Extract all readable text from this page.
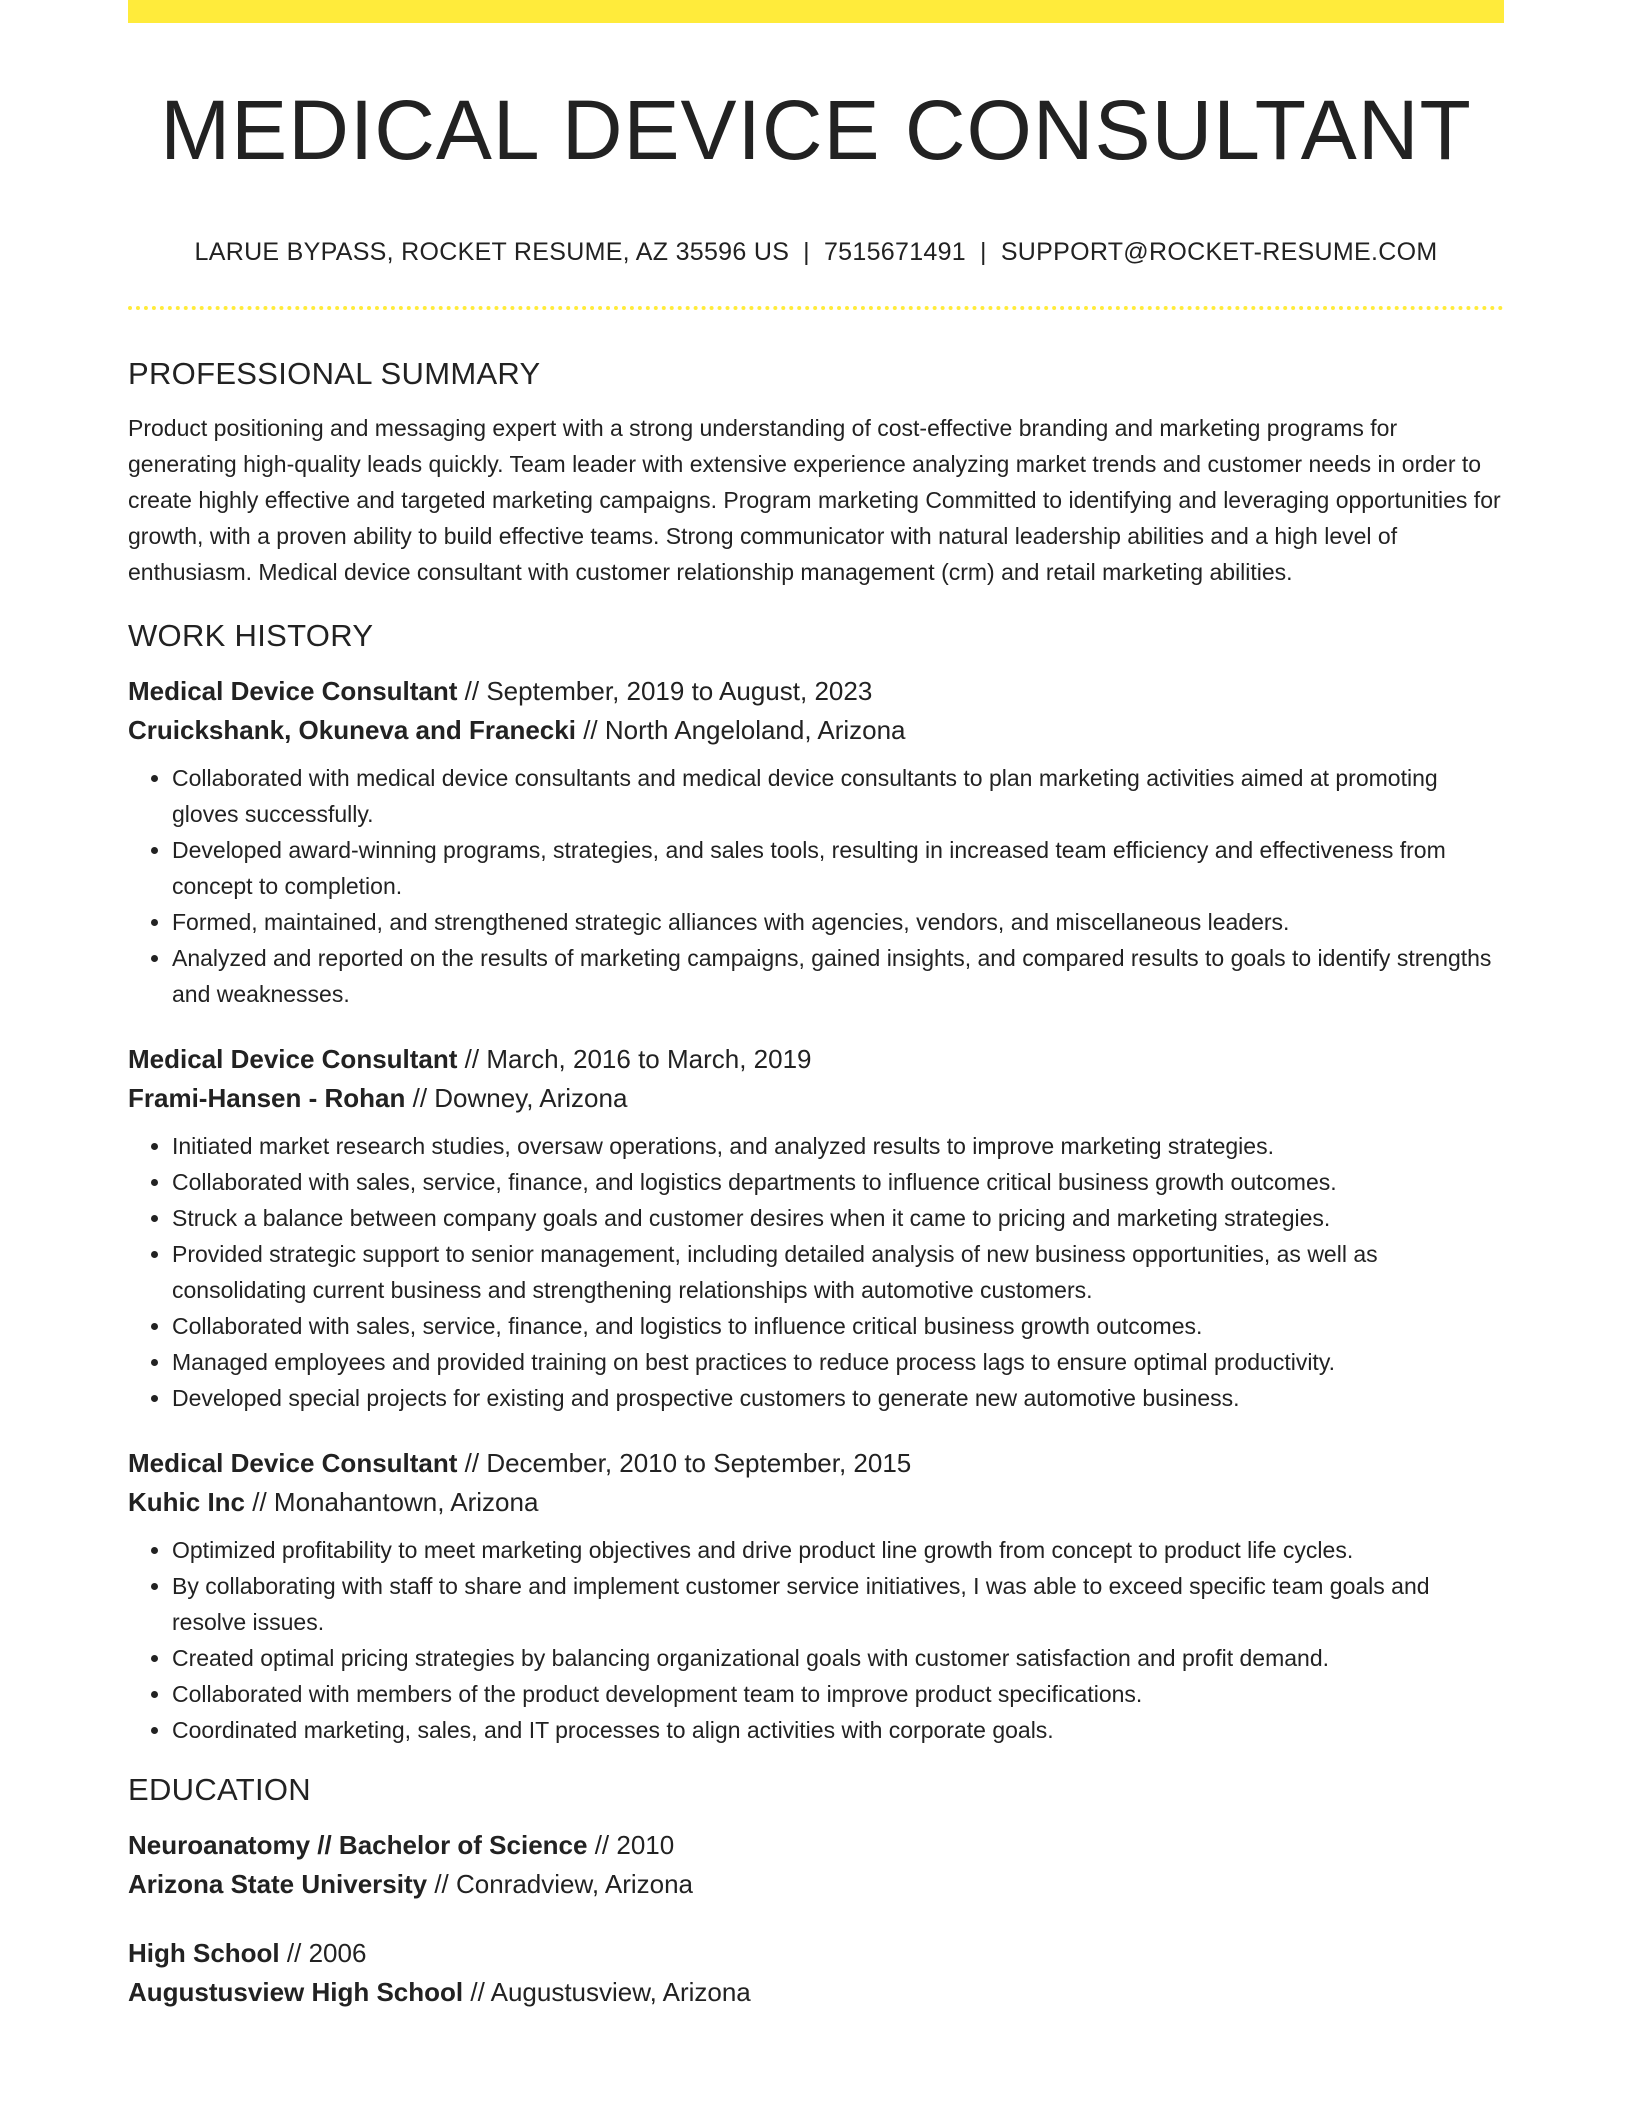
MEDICAL DEVICE CONSULTANT
LARUE BYPASS, ROCKET RESUME, AZ 35596 US | 7515671491 | SUPPORT@ROCKET-RESUME.COM
PROFESSIONAL SUMMARY

Product positioning and messaging expert with a strong understanding of cost-effective branding and marketing programs for generating high-quality leads quickly. Team leader with extensive experience analyzing market trends and customer needs in order to create highly effective and targeted marketing campaigns. Program marketing Committed to identifying and leveraging opportunities for growth, with a proven ability to build effective teams. Strong communicator with natural leadership abilities and a high level of enthusiasm. Medical device consultant with customer relationship management (crm) and retail marketing abilities.

WORK HISTORY
Medical Device Consultant // September, 2019 to August, 2023
Cruickshank, Okuneva and Franecki // North Angeloland, Arizona
• Collaborated with medical device consultants and medical device consultants to plan marketing activities aimed at promoting gloves successfully.
• Developed award-winning programs, strategies, and sales tools, resulting in increased team efficiency and effectiveness from concept to completion.
• Formed, maintained, and strengthened strategic alliances with agencies, vendors, and miscellaneous leaders.
• Analyzed and reported on the results of marketing campaigns, gained insights, and compared results to goals to identify strengths and weaknesses.
Medical Device Consultant // March, 2016 to March, 2019
Frami-Hansen - Rohan // Downey, Arizona
• Initiated market research studies, oversaw operations, and analyzed results to improve marketing strategies.
• Collaborated with sales, service, finance, and logistics departments to influence critical business growth outcomes.
• Struck a balance between company goals and customer desires when it came to pricing and marketing strategies.
• Provided strategic support to senior management, including detailed analysis of new business opportunities, as well as consolidating current business and strengthening relationships with automotive customers.
• Collaborated with sales, service, finance, and logistics to influence critical business growth outcomes.
• Managed employees and provided training on best practices to reduce process lags to ensure optimal productivity.
• Developed special projects for existing and prospective customers to generate new automotive business.
Medical Device Consultant // December, 2010 to September, 2015
Kuhic Inc // Monahantown, Arizona
• Optimized profitability to meet marketing objectives and drive product line growth from concept to product life cycles.
• By collaborating with staff to share and implement customer service initiatives, I was able to exceed specific team goals and resolve issues.
• Created optimal pricing strategies by balancing organizational goals with customer satisfaction and profit demand.
• Collaborated with members of the product development team to improve product specifications.
• Coordinated marketing, sales, and IT processes to align activities with corporate goals.
EDUCATION
Neuroanatomy // Bachelor of Science // 2010
Arizona State University // Conradview, Arizona
High School // 2006
Augustusview High School // Augustusview, Arizona
